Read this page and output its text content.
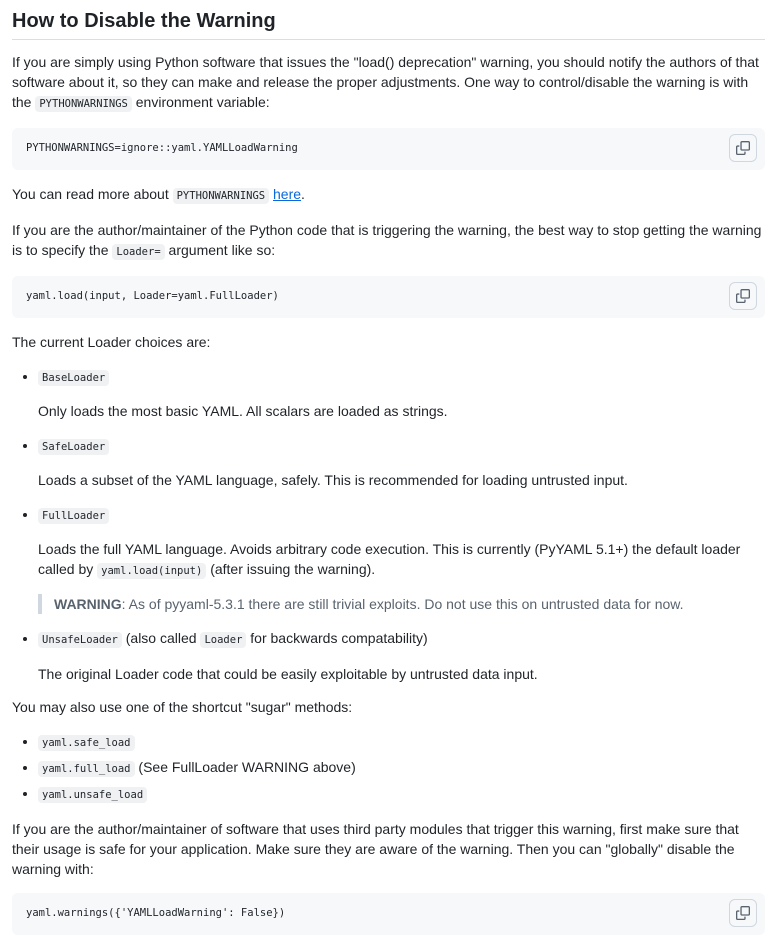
How to Disable the Warning

If you are simply using Python software that issues the "load() deprecation" warning, you should notify the authors of that software about it, so they can make and release the proper adjustments. One way to control/disable the warning is with the PYTHONWARNINGS environment variable:

PYTHONWARNINGS=ignore::yaml.YAMLLoadWarning

You can read more about PYTHONWARNINGS here.

If you are the author/maintainer of the Python code that is triggering the warning, the best way to stop getting the warning is to specify the Loader= argument like so:

yaml.load(input, Loader=yaml.FullLoader)

The current Loader choices are:

• BaseLoader

Only loads the most basic YAML. All scalars are loaded as strings.

• SafeLoader

Loads a subset of the YAML language, safely. This is recommended for loading untrusted input.

• FullLoader

Loads the full YAML language. Avoids arbitrary code execution. This is currently (PyYAML 5.1+) the default loader called by yaml.load(input) (after issuing the warning).

WARNING: As of pyyaml-5.3.1 there are still trivial exploits. Do not use this on untrusted data for now.
• UnsafeLoader (also called Loader for backwards compatability)

The original Loader code that could be easily exploitable by untrusted data input.

You may also use one of the shortcut "sugar" methods:

• yaml.safe_load
• yaml.full_load (See FullLoader WARNING above)
• yaml.unsafe_load

If you are the author/maintainer of software that uses third party modules that trigger this warning, first make sure that their usage is safe for your application. Make sure they are aware of the warning. Then you can "globally" disable the warning with:

yaml.warnings({'YAMLLoadWarning': False})
